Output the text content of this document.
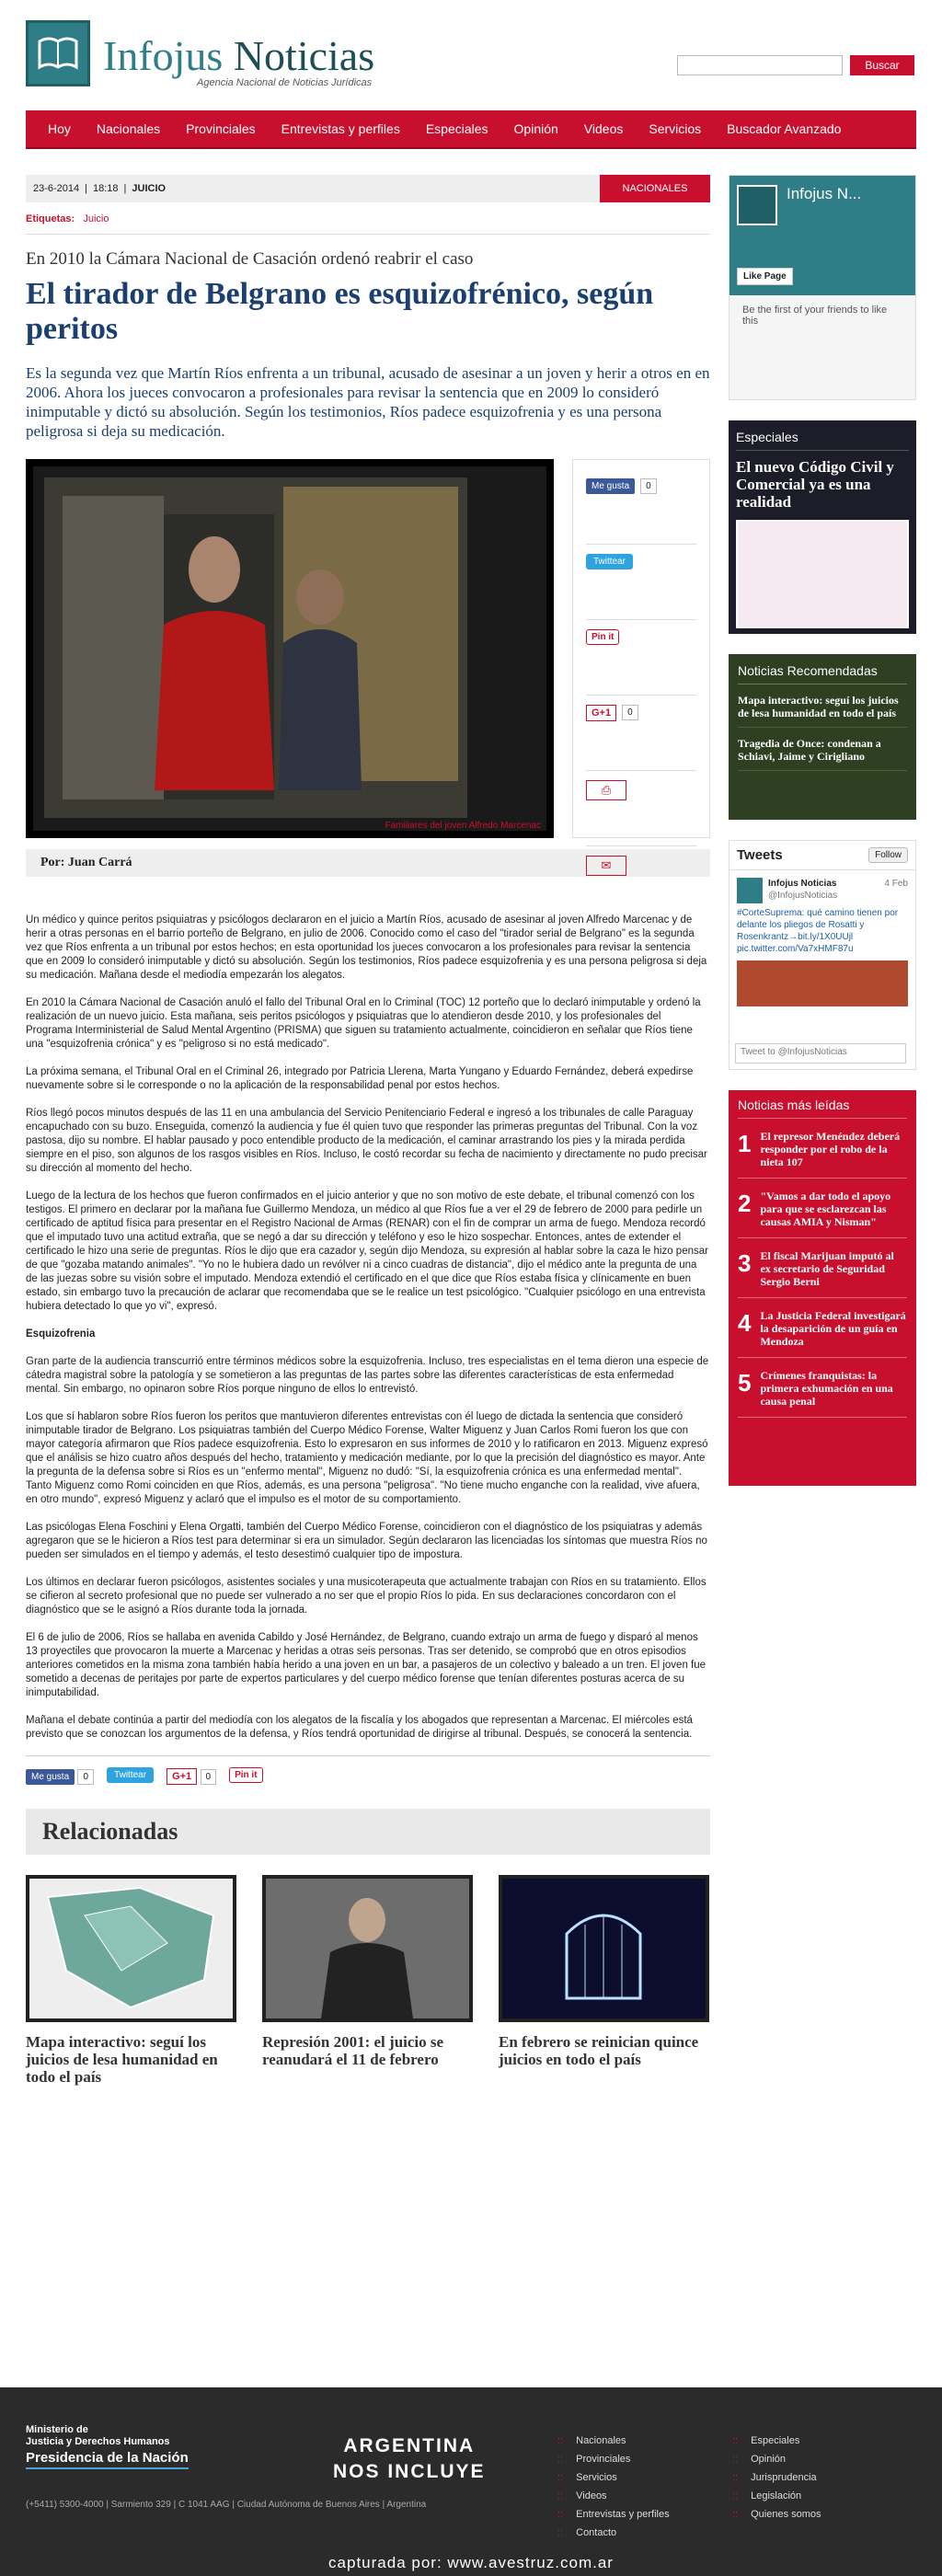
Infojus Noticias
Agencia Nacional de Noticias Jurídicas
Buscar
Hoy Nacionales Provinciales Entrevistas y perfiles Especiales Opinión Videos Servicios Buscador Avanzado
23-6-2014 | 18:18 | JUICIO	NACIONALES
Etiquetas: Juicio
En 2010 la Cámara Nacional de Casación ordenó reabrir el caso
El tirador de Belgrano es esquizofrénico, según peritos
Es la segunda vez que Martín Ríos enfrenta a un tribunal, acusado de asesinar a un joven y herir a otros en en 2006. Ahora los jueces convocaron a profesionales para revisar la sentencia que en 2009 lo consideró inimputable y dictó su absolución. Según los testimonios, Ríos padece esquizofrenia y es una persona peligrosa si deja su medicación.
Familiares del joven Alfredo Marcenac
Me gusta	0
Twittear
Pin it
G+1	0
⎙
✉
Por: Juan Carrá

Un médico y quince peritos psiquiatras y psicólogos declararon en el juicio a Martín Ríos, acusado de asesinar al joven Alfredo Marcenac y de herir a otras personas en el barrio porteño de Belgrano, en julio de 2006. Conocido como el caso del "tirador serial de Belgrano" es la segunda vez que Ríos enfrenta a un tribunal por estos hechos; en esta oportunidad los jueces convocaron a los profesionales para revisar la sentencia que en 2009 lo consideró inimputable y dictó su absolución. Según los testimonios, Ríos padece esquizofrenia y es una persona peligrosa si deja su medicación. Mañana desde el mediodía empezarán los alegatos.

En 2010 la Cámara Nacional de Casación anuló el fallo del Tribunal Oral en lo Criminal (TOC) 12 porteño que lo declaró inimputable y ordenó la realización de un nuevo juicio. Esta mañana, seis peritos psicólogos y psiquiatras que lo atendieron desde 2010, y los profesionales del Programa Interministerial de Salud Mental Argentino (PRISMA) que siguen su tratamiento actualmente, coincidieron en señalar que Ríos tiene una "esquizofrenia crónica" y es "peligroso si no está medicado".

La próxima semana, el Tribunal Oral en el Criminal 26, integrado por Patricia Llerena, Marta Yungano y Eduardo Fernández, deberá expedirse nuevamente sobre si le corresponde o no la aplicación de la responsabilidad penal por estos hechos.

Ríos llegó pocos minutos después de las 11 en una ambulancia del Servicio Penitenciario Federal e ingresó a los tribunales de calle Paraguay encapuchado con su buzo. Enseguida, comenzó la audiencia y fue él quien tuvo que responder las primeras preguntas del Tribunal. Con la voz pastosa, dijo su nombre. El hablar pausado y poco entendible producto de la medicación, el caminar arrastrando los pies y la mirada perdida siempre en el piso, son algunos de los rasgos visibles en Ríos. Incluso, le costó recordar su fecha de nacimiento y directamente no pudo precisar su dirección al momento del hecho.

Luego de la lectura de los hechos que fueron confirmados en el juicio anterior y que no son motivo de este debate, el tribunal comenzó con los testigos. El primero en declarar por la mañana fue Guillermo Mendoza, un médico al que Ríos fue a ver el 29 de febrero de 2000 para pedirle un certificado de aptitud física para presentar en el Registro Nacional de Armas (RENAR) con el fin de comprar un arma de fuego. Mendoza recordó que el imputado tuvo una actitud extraña, que se negó a dar su dirección y teléfono y eso le hizo sospechar. Entonces, antes de extender el certificado le hizo una serie de preguntas. Ríos le dijo que era cazador y, según dijo Mendoza, su expresión al hablar sobre la caza le hizo pensar de que "gozaba matando animales". "Yo no le hubiera dado un revólver ni a cinco cuadras de distancia", dijo el médico ante la pregunta de una de las juezas sobre su visión sobre el imputado. Mendoza extendió el certificado en el que dice que Ríos estaba física y clínicamente en buen estado, sin embargo tuvo la precaución de aclarar que recomendaba que se le realice un test psicológico. "Cualquier psicólogo en una entrevista hubiera detectado lo que yo vi", expresó.

Esquizofrenia

Gran parte de la audiencia transcurrió entre términos médicos sobre la esquizofrenia. Incluso, tres especialistas en el tema dieron una especie de cátedra magistral sobre la patología y se sometieron a las preguntas de las partes sobre las diferentes características de esta enfermedad mental. Sin embargo, no opinaron sobre Ríos porque ninguno de ellos lo entrevistó.

Los que sí hablaron sobre Ríos fueron los peritos que mantuvieron diferentes entrevistas con él luego de dictada la sentencia que consideró inimputable tirador de Belgrano. Los psiquiatras también del Cuerpo Médico Forense, Walter Miguenz y Juan Carlos Romi fueron los que con mayor categoría afirmaron que Ríos padece esquizofrenia. Esto lo expresaron en sus informes de 2010 y lo ratificaron en 2013. Miguenz expresó que el análisis se hizo cuatro años después del hecho, tratamiento y medicación mediante, por lo que la precisión del diagnóstico es mayor. Ante la pregunta de la defensa sobre si Ríos es un "enfermo mental", Miguenz no dudó: "Sí, la esquizofrenia crónica es una enfermedad mental". Tanto Miguenz como Romi coinciden en que Ríos, además, es una persona "peligrosa". "No tiene mucho enganche con la realidad, vive afuera, en otro mundo", expresó Miguenz y aclaró que el impulso es el motor de su comportamiento.

Las psicólogas Elena Foschini y Elena Orgatti, también del Cuerpo Médico Forense, coincidieron con el diagnóstico de los psiquiatras y además agregaron que se le hicieron a Ríos test para determinar si era un simulador. Según declararon las licenciadas los síntomas que muestra Ríos no pueden ser simulados en el tiempo y además, el testo desestimó cualquier tipo de impostura.

Los últimos en declarar fueron psicólogos, asistentes sociales y una musicoterapeuta que actualmente trabajan con Ríos en su tratamiento. Ellos se cifieron al secreto profesional que no puede ser vulnerado a no ser que el propio Ríos lo pida. En sus declaraciones concordaron con el diagnóstico que se le asignó a Ríos durante toda la jornada.

El 6 de julio de 2006, Ríos se hallaba en avenida Cabildo y José Hernández, de Belgrano, cuando extrajo un arma de fuego y disparó al menos 13 proyectiles que provocaron la muerte a Marcenac y heridas a otras seis personas. Tras ser detenido, se comprobó que en otros episodios anteriores cometidos en la misma zona también había herido a una joven en un bar, a pasajeros de un colectivo y baleado a un tren. El joven fue sometido a decenas de peritajes por parte de expertos particulares y del cuerpo médico forense que tenían diferentes posturas acerca de su inimputabilidad.

Mañana el debate continúa a partir del mediodía con los alegatos de la fiscalía y los abogados que representan a Marcenac. El miércoles está previsto que se conozcan los argumentos de la defensa, y Ríos tendrá oportunidad de dirigirse al tribunal. Después, se conocerá la sentencia.

Me gusta 0	Twittear	G+1 0	Pin it
Relacionadas
Mapa interactivo: seguí los juicios de lesa humanidad en todo el país
Represión 2001: el juicio se reanudará el 11 de febrero
En febrero se reinician quince juicios en todo el país
Infojus N...
Like Page
Be the first of your friends to like this
Especiales
El nuevo Código Civil y Comercial ya es una realidad
Noticias Recomendadas
Mapa interactivo: seguí los juicios de lesa humanidad en todo el país
Tragedia de Once: condenan a Schiavi, Jaime y Cirigliano
Tweets	Follow
Infojus Noticias
@InfojusNoticias
4 Feb
#CorteSuprema: qué camino tienen por delante los pliegos de Rosatti y Rosenkrantz→bit.ly/1X0UUjl pic.twitter.com/Va7xHMF87u
Tweet to @InfojusNoticias
Noticias más leídas
1 El represor Menéndez deberá responder por el robo de la nieta 107
2 "Vamos a dar todo el apoyo para que se esclarezcan las causas AMIA y Nisman"
3 El fiscal Marijuan imputó al ex secretario de Seguridad Sergio Berni
4 La Justicia Federal investigará la desaparición de un guía en Mendoza
5 Crímenes franquistas: la primera exhumación en una causa penal
Ministerio de
Justicia y Derechos Humanos
Presidencia de la Nación
ARGENTINA
NOS INCLUYE
(+5411) 5300-4000 | Sarmiento 329 | C 1041 AAG | Ciudad Autónoma de Buenos Aires | Argentina
:: Nacionales
:: Provinciales
:: Servicios
:: Videos
:: Entrevistas y perfiles
:: Contacto
:: Especiales
:: Opinión
:: Jurisprudencia
:: Legislación
:: Quienes somos
capturada por: www.avestruz.com.ar
